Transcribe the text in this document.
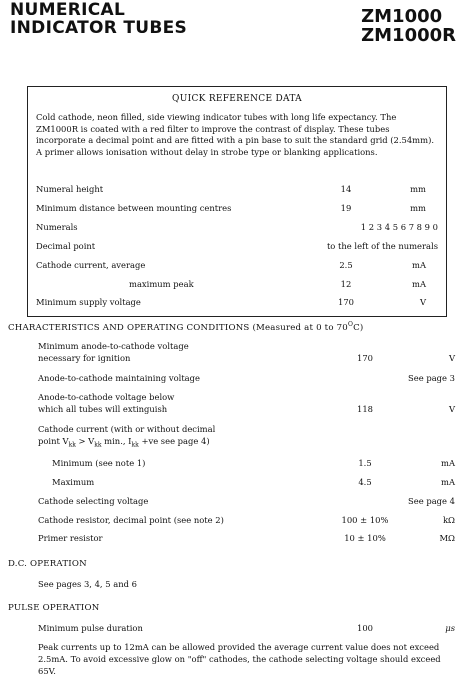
NUMERICAL
INDICATOR TUBES
ZM1000
ZM1000R
QUICK REFERENCE DATA
Cold cathode, neon filled, side viewing indicator tubes with long life expectancy. The ZM1000R is coated with a red filter to improve the contrast of display. These tubes incorporate a decimal point and are fitted with a pin base to suit the standard grid (2.54mm). A primer allows ionisation without delay in strobe type or blanking applications.
Numeral height	14	mm
Minimum distance between mounting centres	19	mm
Numerals	1 2 3 4 5 6 7 8 9 0
Decimal point	to the left of the numerals
Cathode current, average	2.5	mA
maximum peak	12	mA
Minimum supply voltage	170	V
CHARACTERISTICS AND OPERATING CONDITIONS (Measured at 0 to $70^OC$)
Minimum anode-to-cathode voltage
necessary for ignition	170	V
Anode-to-cathode maintaining voltage	See page 3
Anode-to-cathode voltage below
which all tubes will extinguish	118	V
Cathode current (with or without decimal
point $V_{kk} > V_{kk}$ min., $I_{kk} +ve$ see page 4)
Minimum (see note 1)	1.5	mA
Maximum	4.5	mA
Cathode selecting voltage	See page 4
Cathode resistor, decimal point (see note 2)	100 ± 10%	kΩ
Primer resistor	10 ± 10%	MΩ
D.C. OPERATION
See pages 3, 4, 5 and 6
PULSE OPERATION
Minimum pulse duration	100	μs
Peak currents up to 12mA can be allowed provided the average current value does not exceed 2.5mA. To avoid excessive glow on "off" cathodes, the cathode selecting voltage should exceed 65V.
